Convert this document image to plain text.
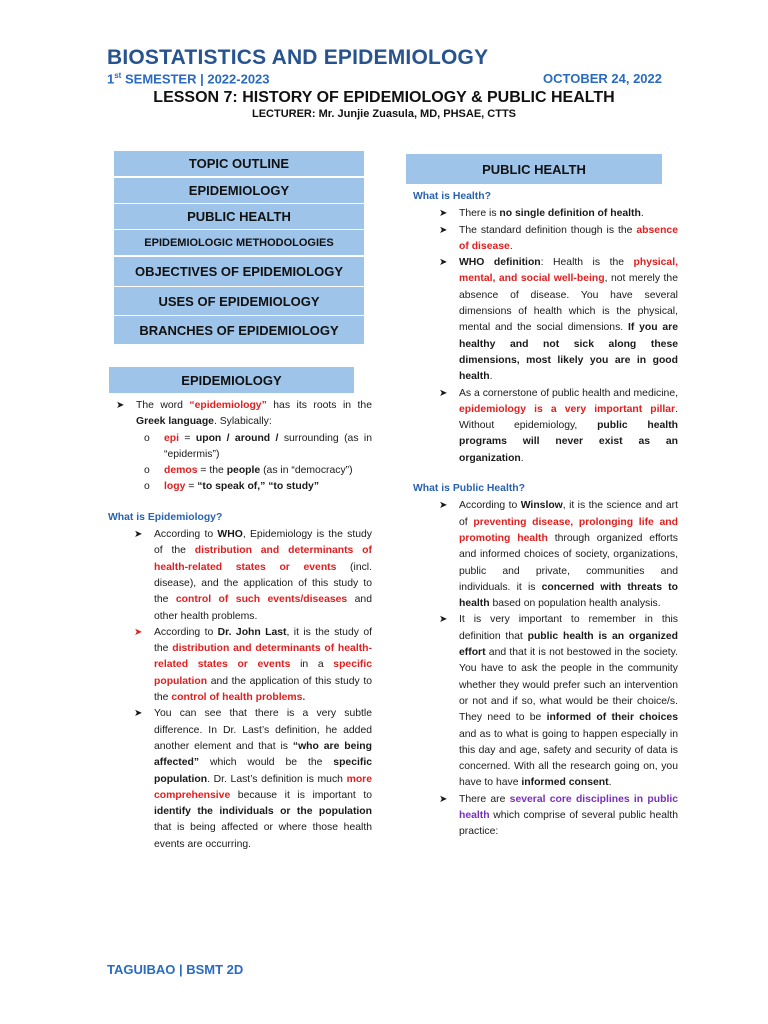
BIOSTATISTICS AND EPIDEMIOLOGY
1st SEMESTER | 2022-2023	OCTOBER 24, 2022
LESSON 7: HISTORY OF EPIDEMIOLOGY & PUBLIC HEALTH
LECTURER: Mr. Junjie Zuasula, MD, PHSAE, CTTS
TOPIC OUTLINE
EPIDEMIOLOGY
PUBLIC HEALTH
EPIDEMIOLOGIC METHODOLOGIES
OBJECTIVES OF EPIDEMIOLOGY
USES OF EPIDEMIOLOGY
BRANCHES OF EPIDEMIOLOGY
PUBLIC HEALTH
EPIDEMIOLOGY
➤ The word “epidemiology” has its roots in the Greek language. Sylabically:
o epi = upon / around / surrounding (as in “epidermis”)
o demos = the people (as in “democracy”)
o logy = “to speak of,” “to study”
What is Epidemiology?
➤ According to WHO, Epidemiology is the study of the distribution and determinants of health-related states or events (incl. disease), and the application of this study to the control of such events/diseases and other health problems.
➤ According to Dr. John Last, it is the study of the distribution and determinants of health-related states or events in a specific population and the application of this study to the control of health problems.
➤ You can see that there is a very subtle difference. In Dr. Last’s definition, he added another element and that is “who are being affected” which would be the specific population. Dr. Last’s definition is much more comprehensive because it is important to identify the individuals or the population that is being affected or where those health events are occurring.
What is Health?
➤ There is no single definition of health.
➤ The standard definition though is the absence of disease.
➤ WHO definition: Health is the physical, mental, and social well-being, not merely the absence of disease. You have several dimensions of health which is the physical, mental and the social dimensions. If you are healthy and not sick along these dimensions, most likely you are in good health.
➤ As a cornerstone of public health and medicine, epidemiology is a very important pillar. Without epidemiology, public health programs will never exist as an organization.
What is Public Health?
➤ According to Winslow, it is the science and art of preventing disease, prolonging life and promoting health through organized efforts and informed choices of society, organizations, public and private, communities and individuals. it is concerned with threats to health based on population health analysis.
➤ It is very important to remember in this definition that public health is an organized effort and that it is not bestowed in the society. You have to ask the people in the community whether they would prefer such an intervention or not and if so, what would be their choice/s. They need to be informed of their choices and as to what is going to happen especially in this day and age, safety and security of data is concerned. With all the research going on, you have to have informed consent.
➤ There are several core disciplines in public health which comprise of several public health practice:
TAGUIBAO | BSMT 2D
